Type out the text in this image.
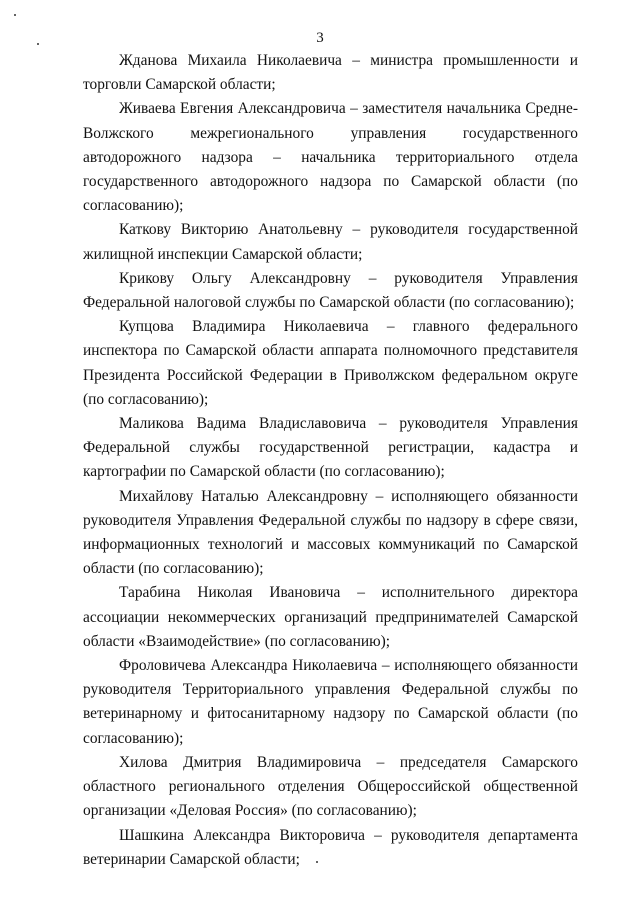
3

Жданова Михаила Николаевича – министра промышленности и торговли Самарской области;

Живаева Евгения Александровича – заместителя начальника Средне-Волжского межрегионального управления государственного автодорожного надзора – начальника территориального отдела государственного автодорожного надзора по Самарской области (по согласованию);

Каткову Викторию Анатольевну – руководителя государственной жилищной инспекции Самарской области;

Крикову Ольгу Александровну – руководителя Управления Федеральной налоговой службы по Самарской области (по согласованию);

Купцова Владимира Николаевича – главного федерального инспектора по Самарской области аппарата полномочного представителя Президента Российской Федерации в Приволжском федеральном округе (по согласованию);

Маликова Вадима Владиславовича – руководителя Управления Федеральной службы государственной регистрации, кадастра и картографии по Самарской области (по согласованию);

Михайлову Наталью Александровну – исполняющего обязанности руководителя Управления Федеральной службы по надзору в сфере связи, информационных технологий и массовых коммуникаций по Самарской области (по согласованию);

Тарабина Николая Ивановича – исполнительного директора ассоциации некоммерческих организаций предпринимателей Самарской области «Взаимодействие» (по согласованию);

Фроловичева Александра Николаевича – исполняющего обязанности руководителя Территориального управления Федеральной службы по ветеринарному и фитосанитарному надзору по Самарской области (по согласованию);

Хилова Дмитрия Владимировича – председателя Самарского областного регионального отделения Общероссийской общественной организации «Деловая Россия» (по согласованию);

Шашкина Александра Викторовича – руководителя департамента ветеринарии Самарской области;
